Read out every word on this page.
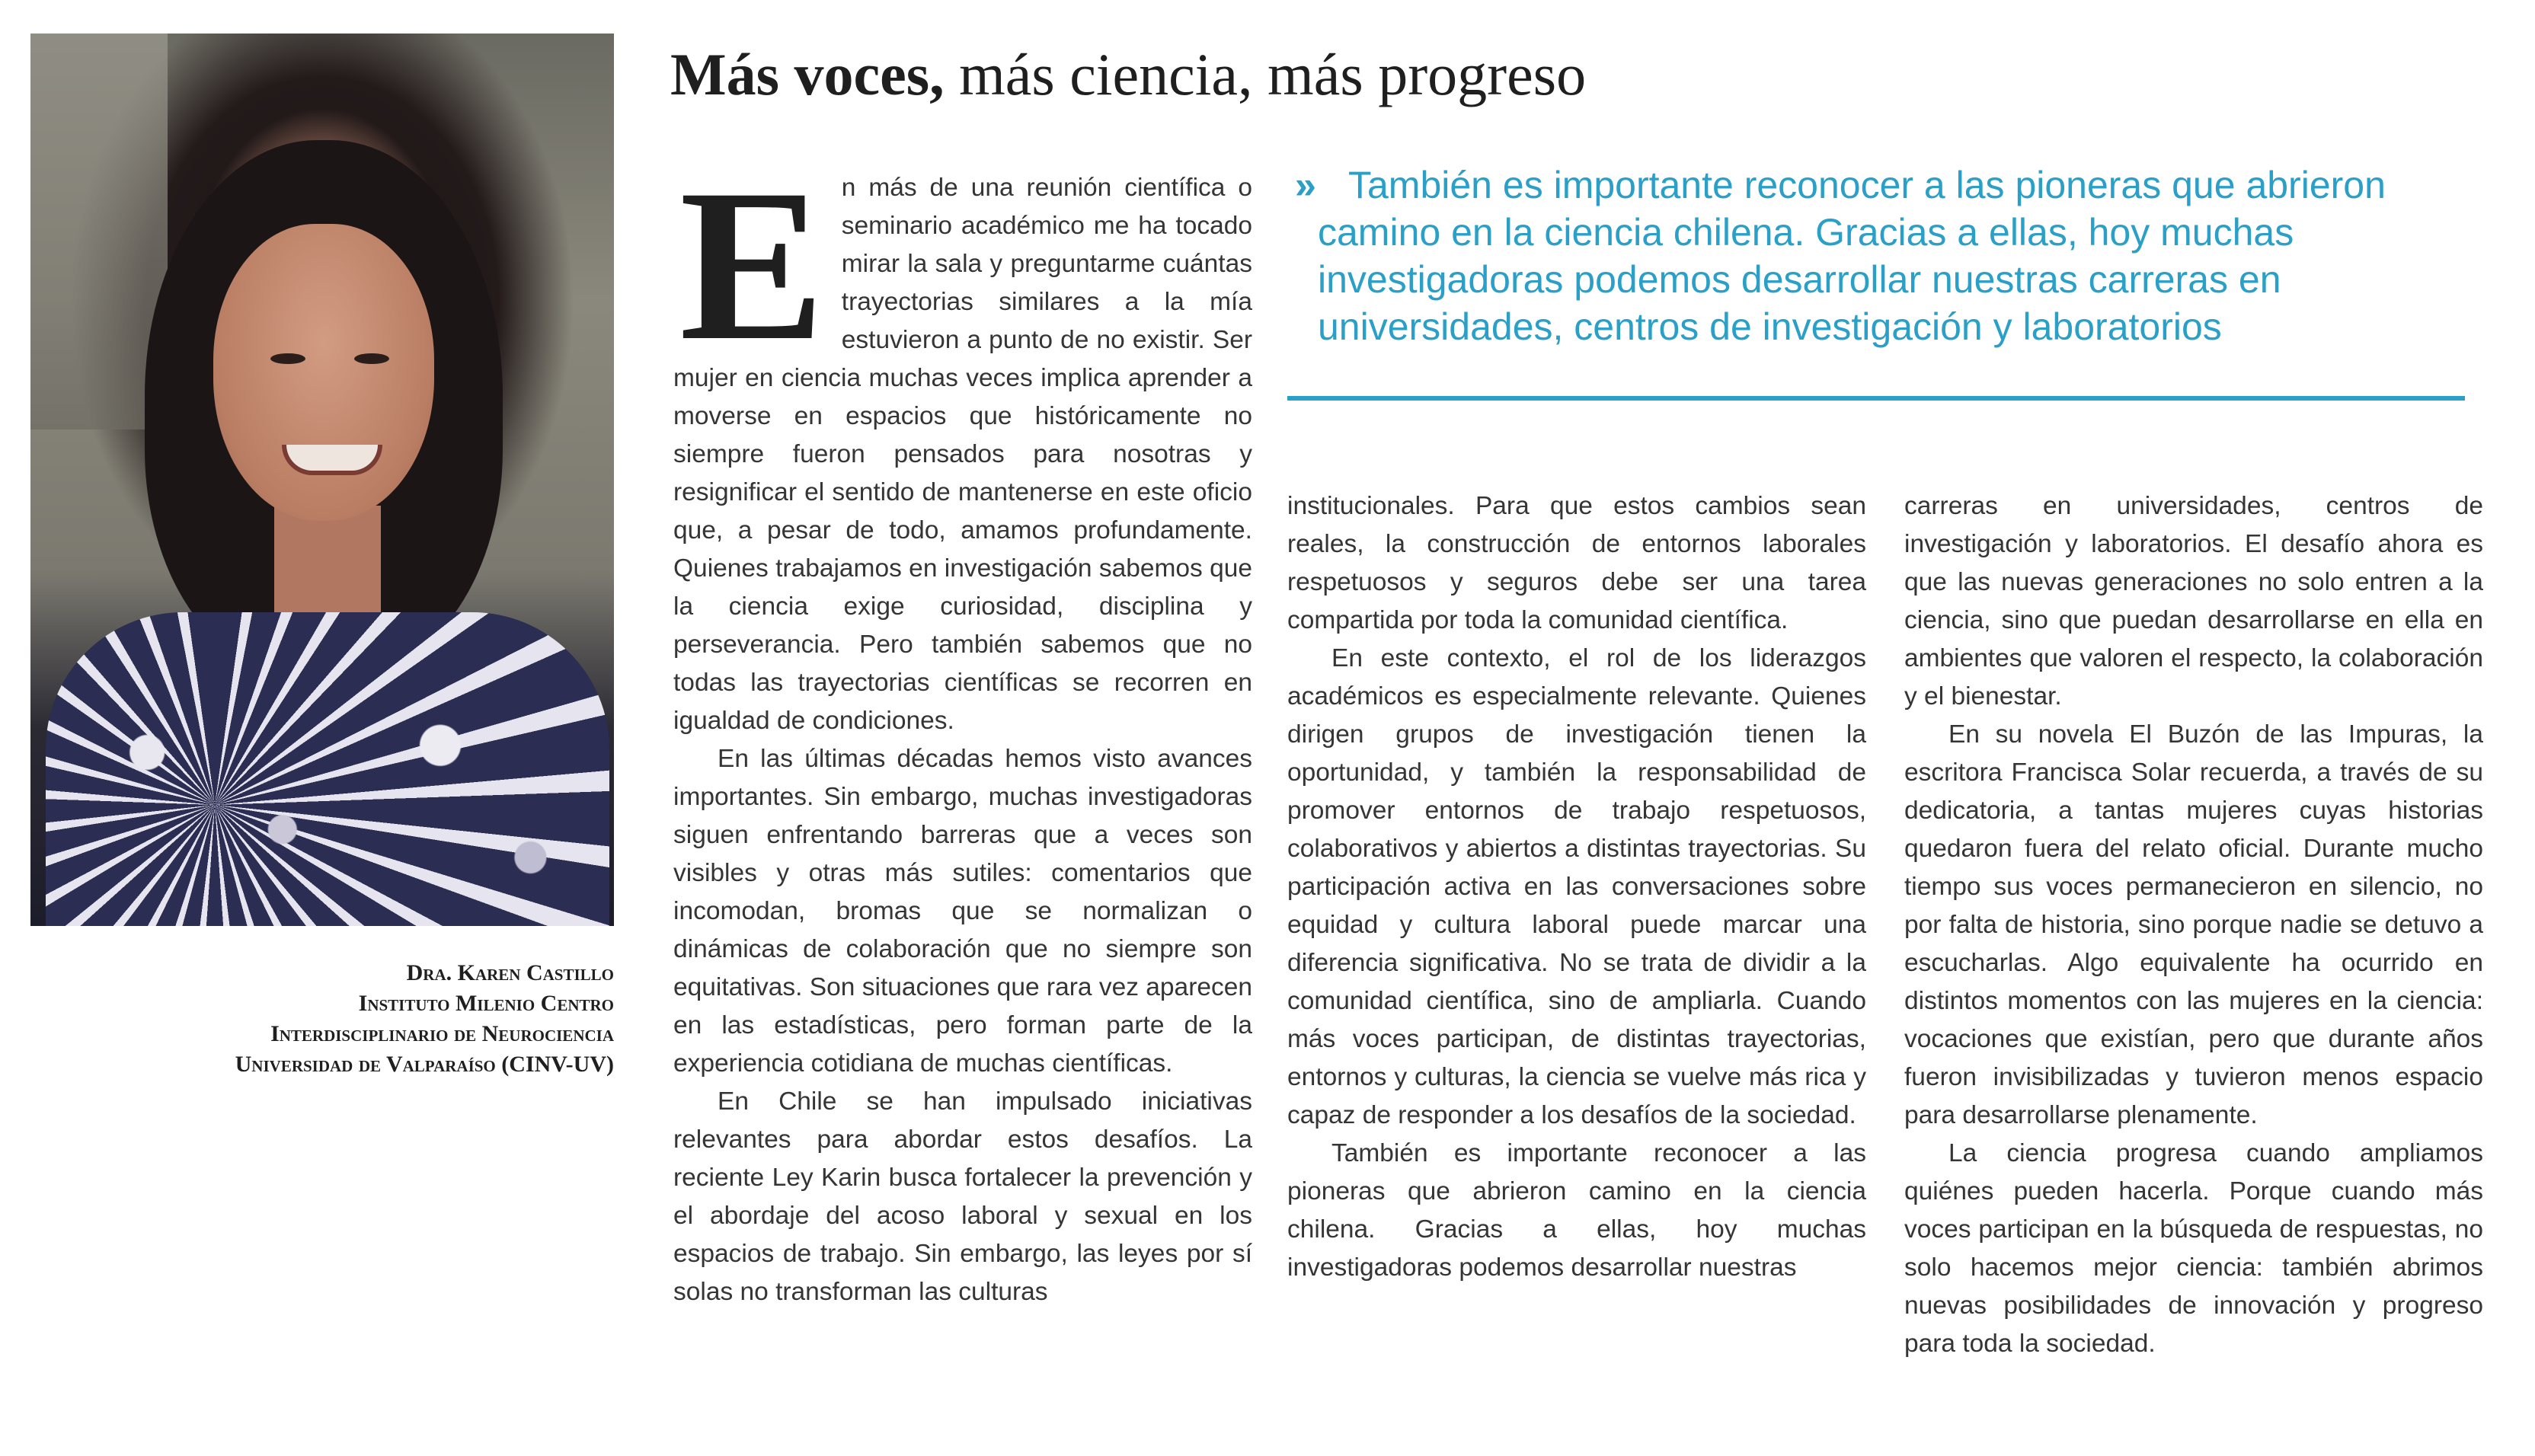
Dra. Karen Castillo
Instituto Milenio Centro
Interdisciplinario de Neurociencia
Universidad de Valparaíso (CINV-UV)
Más voces, más ciencia, más progreso
»	También es importante reconocer a las pioneras que abrieron camino en la ciencia chilena. Gracias a ellas, hoy muchas investigadoras podemos desarrollar nuestras carreras en universidades, centros de investigación y laboratorios
E n más de una reunión científica o seminario académico me ha tocado mirar la sala y preguntarme cuántas trayectorias similares a la mía estuvieron a punto de no existir. Ser mujer en ciencia muchas veces implica aprender a moverse en espacios que históricamente no siempre fueron pensados para nosotras y resignificar el sentido de mantenerse en este oficio que, a pesar de todo, amamos profundamente. Quienes trabajamos en investigación sabemos que la ciencia exige curiosidad, disciplina y perseverancia. Pero también sabemos que no todas las trayectorias científicas se recorren en igualdad de condiciones.

En las últimas décadas hemos visto avances importantes. Sin embargo, muchas investigadoras siguen enfrentando barreras que a veces son visibles y otras más sutiles: comentarios que incomodan, bromas que se normalizan o dinámicas de colaboración que no siempre son equitativas. Son situaciones que rara vez aparecen en las estadísticas, pero forman parte de la experiencia cotidiana de muchas científicas.

En Chile se han impulsado iniciativas relevantes para abordar estos desafíos. La reciente Ley Karin busca fortalecer la prevención y el abordaje del acoso laboral y sexual en los espacios de trabajo. Sin embargo, las leyes por sí solas no transforman las culturas

institucionales. Para que estos cambios sean reales, la construcción de entornos laborales respetuosos y seguros debe ser una tarea compartida por toda la comunidad científica.

En este contexto, el rol de los liderazgos académicos es especialmente relevante. Quienes dirigen grupos de investigación tienen la oportunidad, y también la responsabilidad de promover entornos de trabajo respetuosos, colaborativos y abiertos a distintas trayectorias. Su participación activa en las conversaciones sobre equidad y cultura laboral puede marcar una diferencia significativa. No se trata de dividir a la comunidad científica, sino de ampliarla. Cuando más voces participan, de distintas trayectorias, entornos y culturas, la ciencia se vuelve más rica y capaz de responder a los desafíos de la sociedad.

También es importante reconocer a las pioneras que abrieron camino en la ciencia chilena. Gracias a ellas, hoy muchas investigadoras podemos desarrollar nuestras

carreras en universidades, centros de investigación y laboratorios. El desafío ahora es que las nuevas generaciones no solo entren a la ciencia, sino que puedan desarrollarse en ella en ambientes que valoren el respecto, la colaboración y el bienestar.

En su novela El Buzón de las Impuras, la escritora Francisca Solar recuerda, a través de su dedicatoria, a tantas mujeres cuyas historias quedaron fuera del relato oficial. Durante mucho tiempo sus voces permanecieron en silencio, no por falta de historia, sino porque nadie se detuvo a escucharlas. Algo equivalente ha ocurrido en distintos momentos con las mujeres en la ciencia: vocaciones que existían, pero que durante años fueron invisibilizadas y tuvieron menos espacio para desarrollarse plenamente.

La ciencia progresa cuando ampliamos quiénes pueden hacerla. Porque cuando más voces participan en la búsqueda de respuestas, no solo hacemos mejor ciencia: también abrimos nuevas posibilidades de innovación y progreso para toda la sociedad.
